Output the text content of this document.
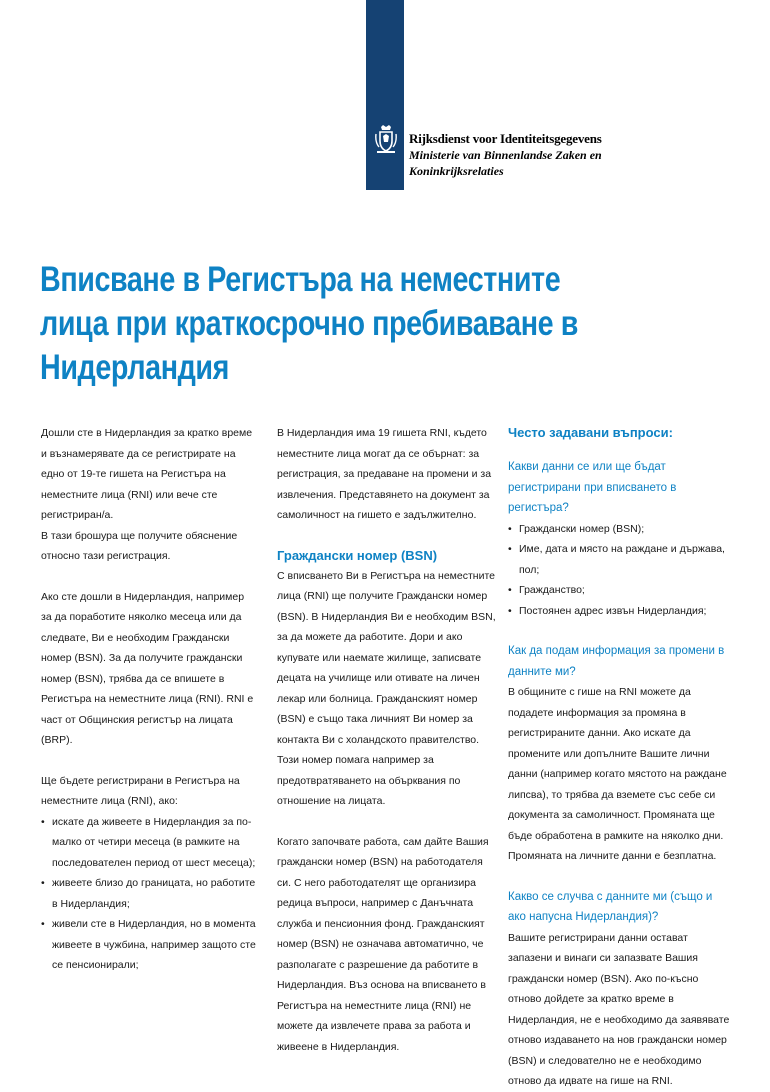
Rijksdienst voor Identiteitsgegevens
Ministerie van Binnenlandse Zaken en
Koninkrijksrelaties
Вписване в Регистъра на неместните лица при краткосрочно пребиваване в Нидерландия

Дошли сте в Нидерландия за кратко време и възнамерявате да се регистрирате на едно от 19-те гишета на Регистъра на неместните лица (RNI) или вече сте регистриран/а.

В тази брошура ще получите обяснение относно тази регистрация.

Ако сте дошли в Нидерландия, например за да поработите няколко месеца или да следвате, Ви е необходим Граждански номер (BSN). За да получите граждански номер (BSN), трябва да се впишете в Регистъра на неместните лица (RNI). RNI е част от Общинския регистър на лицата (BRP).

Ще бъдете регистрирани в Регистъра на неместните лица (RNI), ако:

• искате да живеете в Нидерландия за по-малко от четири месеца (в рамките на последователен период от шест месеца);
• живеете близо до границата, но работите в Нидерландия;
• живели сте в Нидерландия, но в момента живеете в чужбина, например защото сте се пенсионирали;

В Нидерландия има 19 гишета RNI, където неместните лица могат да се обърнат: за регистрация, за предаване на промени и за извлечения. Представянето на документ за самоличност на гишето е задължително.

Граждански номер (BSN)

С вписването Ви в Регистъра на неместните лица (RNI) ще получите Граждански номер (BSN). В Нидерландия Ви е необходим BSN, за да можете да работите. Дори и ако купувате или наемате жилище, записвате децата на училище или отивате на личен лекар или болница. Гражданският номер (BSN) е също така личният Ви номер за контакта Ви с холандското правителство. Този номер помага например за предотвратяването на обърквания по отношение на лицата.

Когато започвате работа, сам дайте Вашия граждански номер (BSN) на работодателя си. С него работодателят ще организира редица въпроси, например с Данъчната служба и пенсионния фонд. Гражданският номер (BSN) не означава автоматично, че разполагате с разрешение да работите в Нидерландия. Въз основа на вписването в Регистъра на неместните лица (RNI) не можете да извлечете права за работа и живеене в Нидерландия.

Често задавани въпроси:

Какви данни се или ще бъдат регистрирани при вписването в регистъра?

• Граждански номер (BSN);
• Име, дата и място на раждане и държава, пол;
• Гражданство;
• Постоянен адрес извън Нидерландия;

Как да подам информация за промени в данните ми?

В общините с гише на RNI можете да подадете информация за промяна в регистрираните данни. Ако искате да промените или допълните Вашите лични данни (например когато мястото на раждане липсва), то трябва да вземете със себе си документа за самоличност. Промяната ще бъде обработена в рамките на няколко дни. Промяната на личните данни е безплатна.

Какво се случва с данните ми (също и ако напусна Нидерландия)?

Вашите регистрирани данни остават запазени и винаги си запазвате Вашия граждански номер (BSN). Ако по-късно отново дойдете за кратко време в Нидерландия, не е необходимо да заявявате отново издаването на нов граждански номер (BSN) и следователно не е необходимо отново да идвате на гише на RNI.
